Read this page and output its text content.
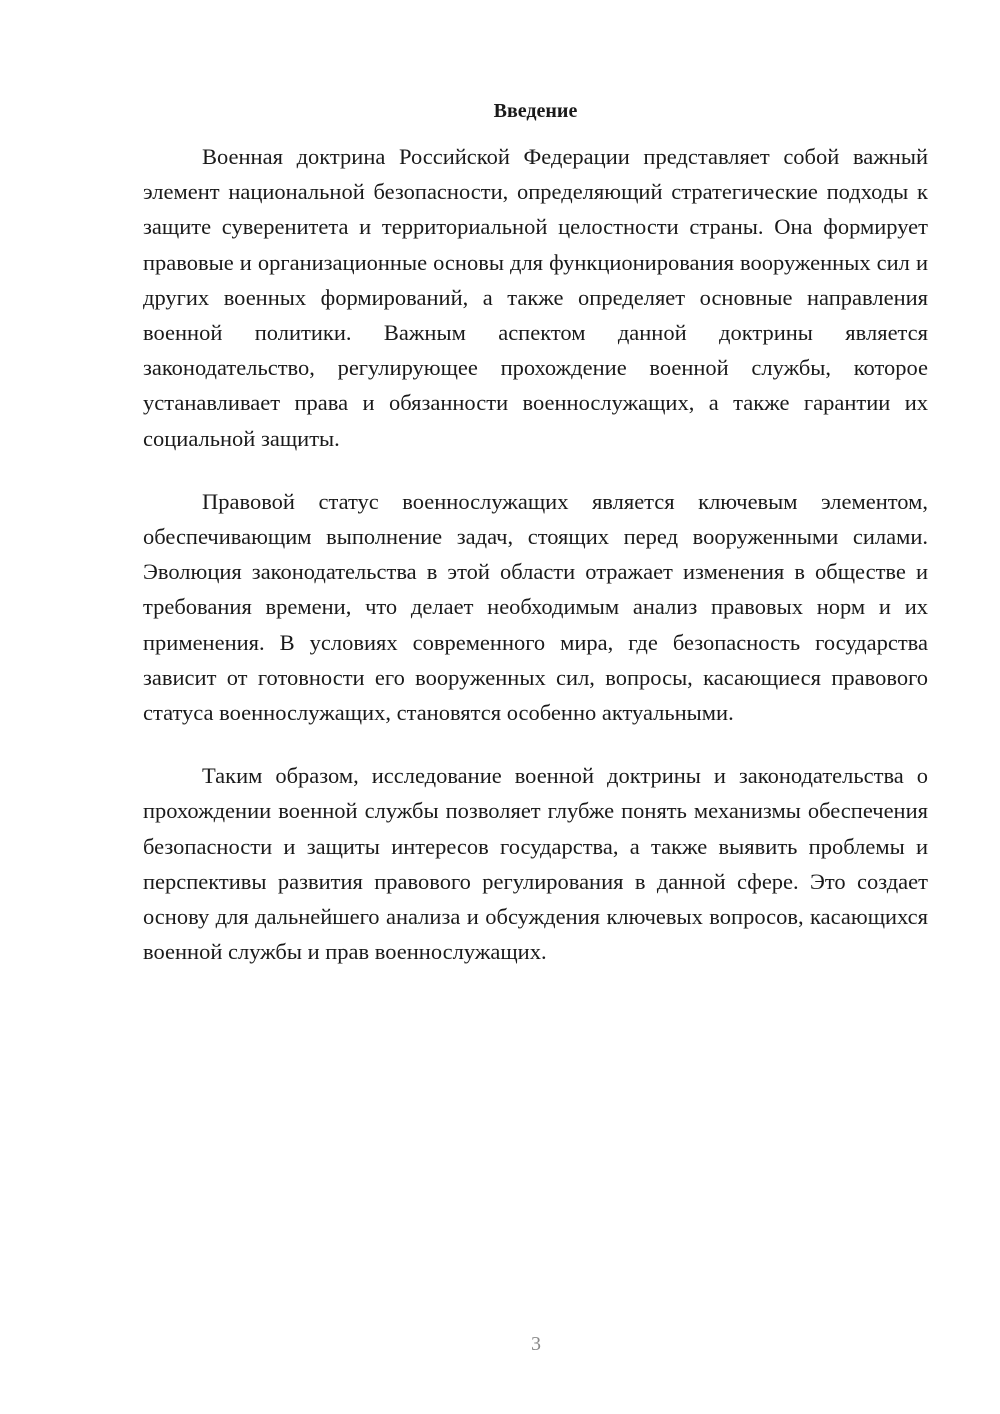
Введение

Военная доктрина Российской Федерации представляет собой важный элемент национальной безопасности, определяющий стратегические подходы к защите суверенитета и территориальной целостности страны. Она формирует правовые и организационные основы для функционирования вооруженных сил и других военных формирований, а также определяет основные направления военной политики. Важным аспектом данной доктрины является законодательство, регулирующее прохождение военной службы, которое устанавливает права и обязанности военнослужащих, а также гарантии их социальной защиты.

Правовой статус военнослужащих является ключевым элементом, обеспечивающим выполнение задач, стоящих перед вооруженными силами. Эволюция законодательства в этой области отражает изменения в обществе и требования времени, что делает необходимым анализ правовых норм и их применения. В условиях современного мира, где безопасность государства зависит от готовности его вооруженных сил, вопросы, касающиеся правового статуса военнослужащих, становятся особенно актуальными.

Таким образом, исследование военной доктрины и законодательства о прохождении военной службы позволяет глубже понять механизмы обеспечения безопасности и защиты интересов государства, а также выявить проблемы и перспективы развития правового регулирования в данной сфере. Это создает основу для дальнейшего анализа и обсуждения ключевых вопросов, касающихся военной службы и прав военнослужащих.

3
